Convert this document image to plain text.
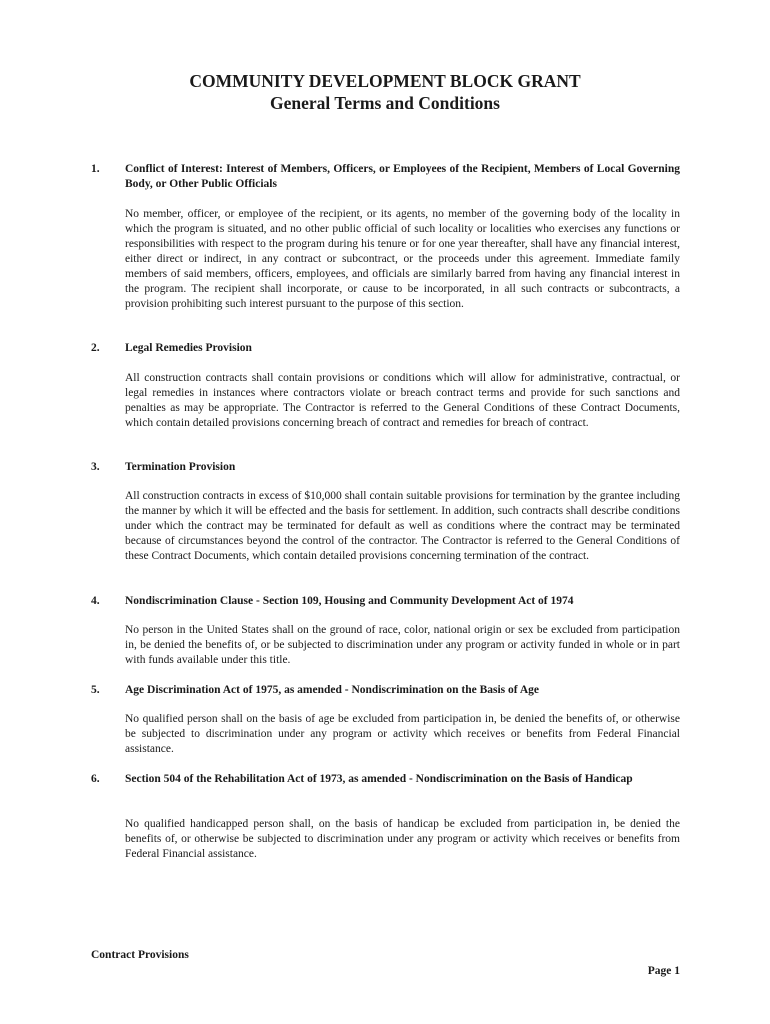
COMMUNITY DEVELOPMENT BLOCK GRANT
General Terms and Conditions
1. Conflict of Interest: Interest of Members, Officers, or Employees of the Recipient, Members of Local Governing Body, or Other Public Officials
No member, officer, or employee of the recipient, or its agents, no member of the governing body of the locality in which the program is situated, and no other public official of such locality or localities who exercises any functions or responsibilities with respect to the program during his tenure or for one year thereafter, shall have any financial interest, either direct or indirect, in any contract or subcontract, or the proceeds under this agreement. Immediate family members of said members, officers, employees, and officials are similarly barred from having any financial interest in the program. The recipient shall incorporate, or cause to be incorporated, in all such contracts or subcontracts, a provision prohibiting such interest pursuant to the purpose of this section.
2. Legal Remedies Provision
All construction contracts shall contain provisions or conditions which will allow for administrative, contractual, or legal remedies in instances where contractors violate or breach contract terms and provide for such sanctions and penalties as may be appropriate. The Contractor is referred to the General Conditions of these Contract Documents, which contain detailed provisions concerning breach of contract and remedies for breach of contract.
3. Termination Provision
All construction contracts in excess of $10,000 shall contain suitable provisions for termination by the grantee including the manner by which it will be effected and the basis for settlement. In addition, such contracts shall describe conditions under which the contract may be terminated for default as well as conditions where the contract may be terminated because of circumstances beyond the control of the contractor. The Contractor is referred to the General Conditions of these Contract Documents, which contain detailed provisions concerning termination of the contract.
4. Nondiscrimination Clause - Section 109, Housing and Community Development Act of 1974
No person in the United States shall on the ground of race, color, national origin or sex be excluded from participation in, be denied the benefits of, or be subjected to discrimination under any program or activity funded in whole or in part with funds available under this title.
5. Age Discrimination Act of 1975, as amended - Nondiscrimination on the Basis of Age
No qualified person shall on the basis of age be excluded from participation in, be denied the benefits of, or otherwise be subjected to discrimination under any program or activity which receives or benefits from Federal Financial assistance.
6. Section 504 of the Rehabilitation Act of 1973, as amended - Nondiscrimination on the Basis of Handicap
No qualified handicapped person shall, on the basis of handicap be excluded from participation in, be denied the benefits of, or otherwise be subjected to discrimination under any program or activity which receives or benefits from Federal Financial assistance.
Contract Provisions
Page 1
